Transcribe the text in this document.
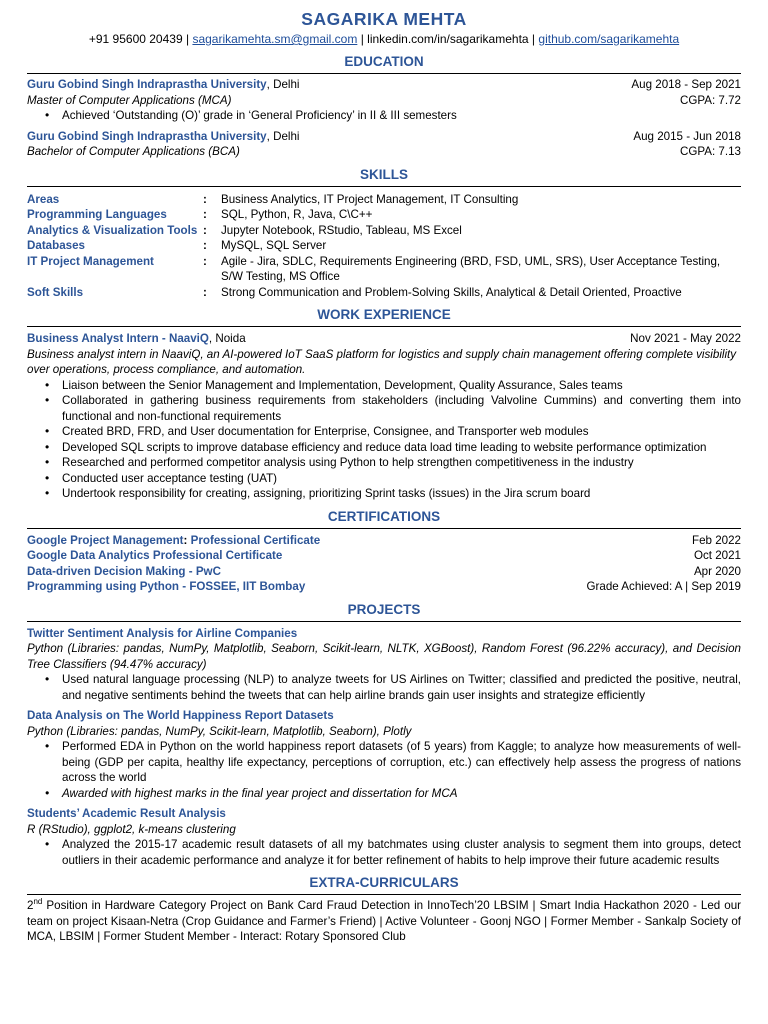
SAGARIKA MEHTA
+91 95600 20439 | sagarikamehta.sm@gmail.com | linkedin.com/in/sagarikamehta | github.com/sagarikamehta
EDUCATION
Guru Gobind Singh Indraprastha University, Delhi	Aug 2018 - Sep 2021
Master of Computer Applications (MCA)	CGPA: 7.72
• Achieved ‘Outstanding (O)’ grade in ‘General Proficiency’ in II & III semesters
Guru Gobind Singh Indraprastha University, Delhi	Aug 2015 - Jun 2018
Bachelor of Computer Applications (BCA)	CGPA: 7.13
SKILLS
Areas	:	Business Analytics, IT Project Management, IT Consulting
Programming Languages	:	SQL, Python, R, Java, C\C++
Analytics & Visualization Tools	:	Jupyter Notebook, RStudio, Tableau, MS Excel
Databases	:	MySQL, SQL Server
IT Project Management	:	Agile - Jira, SDLC, Requirements Engineering (BRD, FSD, UML, SRS), User Acceptance Testing, S/W Testing, MS Office
Soft Skills	:	Strong Communication and Problem-Solving Skills, Analytical & Detail Oriented, Proactive
WORK EXPERIENCE
Business Analyst Intern - NaaviQ, Noida	Nov 2021 - May 2022
Business analyst intern in NaaviQ, an AI-powered IoT SaaS platform for logistics and supply chain management offering complete visibility over operations, process compliance, and automation.
• Liaison between the Senior Management and Implementation, Development, Quality Assurance, Sales teams
• Collaborated in gathering business requirements from stakeholders (including Valvoline Cummins) and converting them into functional and non-functional requirements
• Created BRD, FRD, and User documentation for Enterprise, Consignee, and Transporter web modules
• Developed SQL scripts to improve database efficiency and reduce data load time leading to website performance optimization
• Researched and performed competitor analysis using Python to help strengthen competitiveness in the industry
• Conducted user acceptance testing (UAT)
• Undertook responsibility for creating, assigning, prioritizing Sprint tasks (issues) in the Jira scrum board
CERTIFICATIONS
Google Project Management: Professional Certificate	Feb 2022
Google Data Analytics Professional Certificate	Oct 2021
Data-driven Decision Making - PwC	Apr 2020
Programming using Python - FOSSEE, IIT Bombay	Grade Achieved: A | Sep 2019
PROJECTS
Twitter Sentiment Analysis for Airline Companies
Python (Libraries: pandas, NumPy, Matplotlib, Seaborn, Scikit-learn, NLTK, XGBoost), Random Forest (96.22% accuracy), and Decision Tree Classifiers (94.47% accuracy)
• Used natural language processing (NLP) to analyze tweets for US Airlines on Twitter; classified and predicted the positive, neutral, and negative sentiments behind the tweets that can help airline brands gain user insights and strategize efficiently
Data Analysis on The World Happiness Report Datasets
Python (Libraries: pandas, NumPy, Scikit-learn, Matplotlib, Seaborn), Plotly
• Performed EDA in Python on the world happiness report datasets (of 5 years) from Kaggle; to analyze how measurements of well-being (GDP per capita, healthy life expectancy, perceptions of corruption, etc.) can effectively help assess the progress of nations across the world
• Awarded with highest marks in the final year project and dissertation for MCA
Students’ Academic Result Analysis
R (RStudio), ggplot2, k-means clustering
• Analyzed the 2015-17 academic result datasets of all my batchmates using cluster analysis to segment them into groups, detect outliers in their academic performance and analyze it for better refinement of habits to help improve their future academic results
EXTRA-CURRICULARS
2nd Position in Hardware Category Project on Bank Card Fraud Detection in InnoTech’20 LBSIM | Smart India Hackathon 2020 - Led our team on project Kisaan-Netra (Crop Guidance and Farmer’s Friend) | Active Volunteer - Goonj NGO | Former Member - Sankalp Society of MCA, LBSIM | Former Student Member - Interact: Rotary Sponsored Club
